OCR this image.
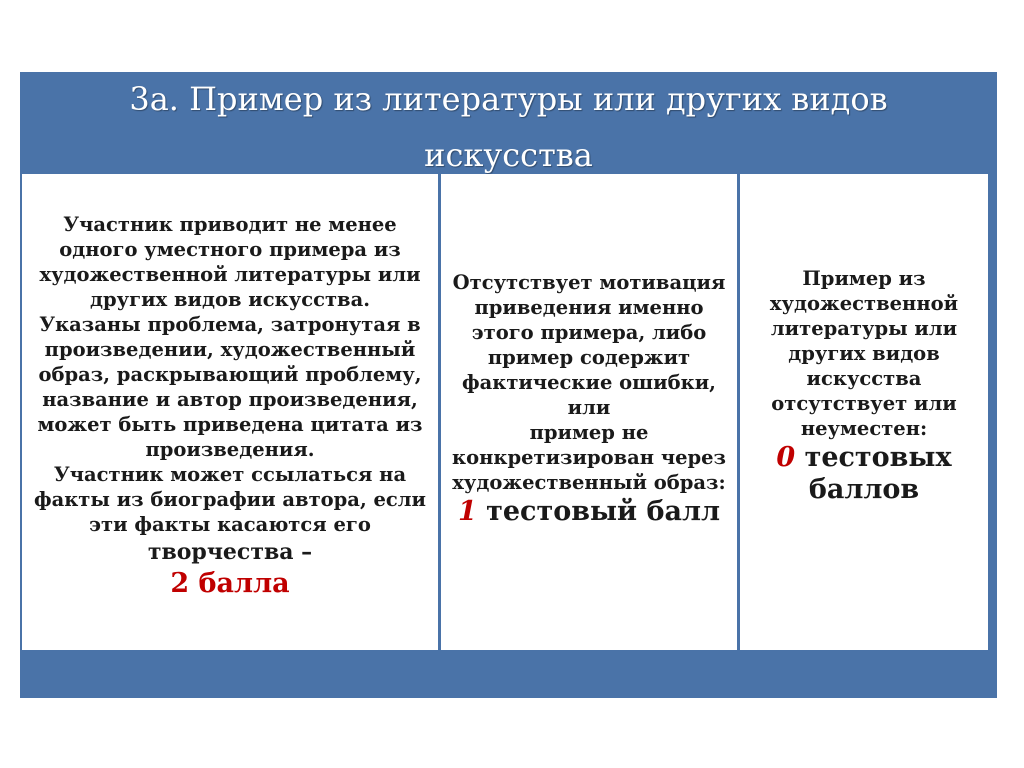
3а. Пример из литературы или других видов
искусства

Участник приводит не менее

одного уместного примера из

художественной литературы или

других видов искусства.

Указаны проблема, затронутая в

произведении, художественный

образ, раскрывающий проблему,

название и автор произведения,

может быть приведена цитата из

произведения.

Участник может ссылаться на

факты из биографии автора, если

эти факты касаются его

творчества –

2 балла

Отсутствует мотивация

приведения именно

этого примера, либо

пример содержит

фактические ошибки,

или

пример не

конкретизирован через

художественный образ:

1 тестовый балл

Пример из

художественной

литературы или

других видов

искусства

отсутствует или

неуместен:

0 тестовых

баллов
